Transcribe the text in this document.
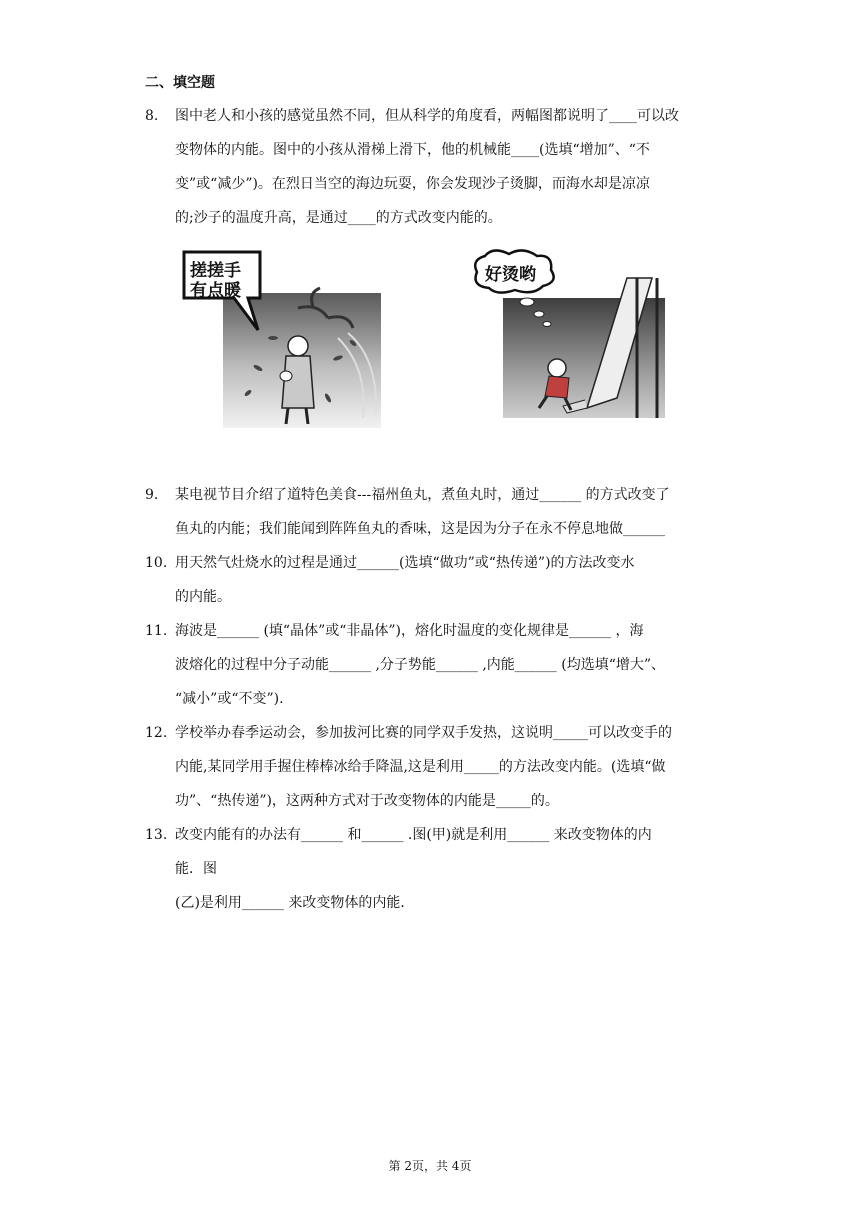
二、填空题
8.	图中老人和小孩的感觉虽然不同，但从科学的角度看，两幅图都说明了____可以改
变物体的内能。图中的小孩从滑梯上滑下，他的机械能____(选填“增加”、“不
变”或“减少”)。在烈日当空的海边玩耍，你会发现沙子烫脚，而海水却是凉凉
的;沙子的温度升高，是通过____的方式改变内能的。
搓搓手
有点暖
好烫哟
9.	某电视节目介绍了道特色美食---福州鱼丸，煮鱼丸时，通过______ 的方式改变了
鱼丸的内能；我们能闻到阵阵鱼丸的香味，这是因为分子在永不停息地做______
10. 用天然气灶烧水的过程是通过______(选填“做功”或“热传递”)的方法改变水
的内能。
11. 海波是______ (填“晶体”或“非晶体”)，熔化时温度的变化规律是______ ，海
波熔化的过程中分子动能______ ,分子势能______ ,内能______ (均选填“增大”、
“减小”或“不变”).
12. 学校举办春季运动会，参加拔河比赛的同学双手发热，这说明_____可以改变手的
内能,某同学用手握住棒棒冰给手降温,这是利用_____的方法改变内能。(选填“做
功”、“热传递”)，这两种方式对于改变物体的内能是_____的。
13. 改变内能有的办法有______ 和______ .图(甲)就是利用______ 来改变物体的内
能．图
(乙)是利用______ 来改变物体的内能．
第 2页，共 4页
